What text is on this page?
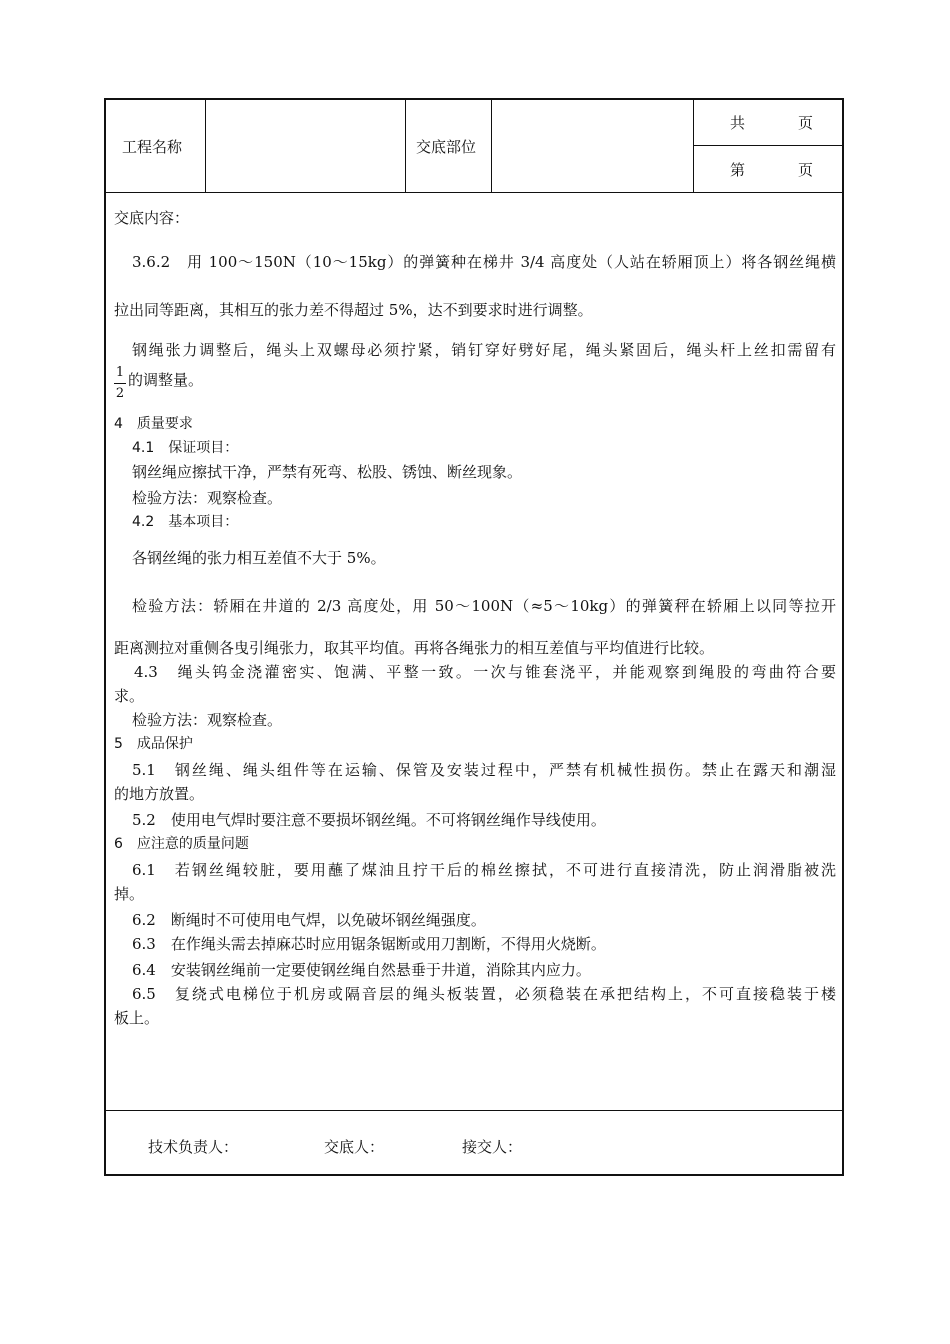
工程名称	交底部位
共	页
第	页
交底内容：
3.6.2　用 100～150N（10～15kg）的弹簧种在梯井 3/4 高度处（人站在轿厢顶上）将各钢丝绳横
拉出同等距离，其相互的张力差不得超过 5%，达不到要求时进行调整。
钢绳张力调整后，绳头上双螺母必须拧紧，销钉穿好劈好尾，绳头紧固后，绳头杆上丝扣需留有
1
2
的调整量。
4　质量要求
4.1　保证项目：
钢丝绳应擦拭干净，严禁有死弯、松股、锈蚀、断丝现象。
检验方法：观察检查。
4.2　基本项目：
各钢丝绳的张力相互差值不大于 5%。
检验方法：轿厢在井道的 2/3 高度处，用 50～100N（≈5～10kg）的弹簧秤在轿厢上以同等拉开
距离测拉对重侧各曳引绳张力，取其平均值。再将各绳张力的相互差值与平均值进行比较。
4.3　绳头钨金浇灌密实、饱满、平整一致。一次与锥套浇平，并能观察到绳股的弯曲符合要
求。
检验方法：观察检查。
5　成品保护
5.1　钢丝绳、绳头组件等在运输、保管及安装过程中，严禁有机械性损伤。禁止在露天和潮湿
的地方放置。
5.2　使用电气焊时要注意不要损坏钢丝绳。不可将钢丝绳作导线使用。
6　应注意的质量问题
6.1　若钢丝绳较脏，要用蘸了煤油且拧干后的棉丝擦拭，不可进行直接清洗，防止润滑脂被洗
掉。
6.2　断绳时不可使用电气焊，以免破坏钢丝绳强度。
6.3　在作绳头需去掉麻芯时应用锯条锯断或用刀割断，不得用火烧断。
6.4　安装钢丝绳前一定要使钢丝绳自然悬垂于井道，消除其内应力。
6.5　复绕式电梯位于机房或隔音层的绳头板装置，必须稳装在承把结构上，不可直接稳装于楼
板上。
技术负责人：	交底人：	接交人：
